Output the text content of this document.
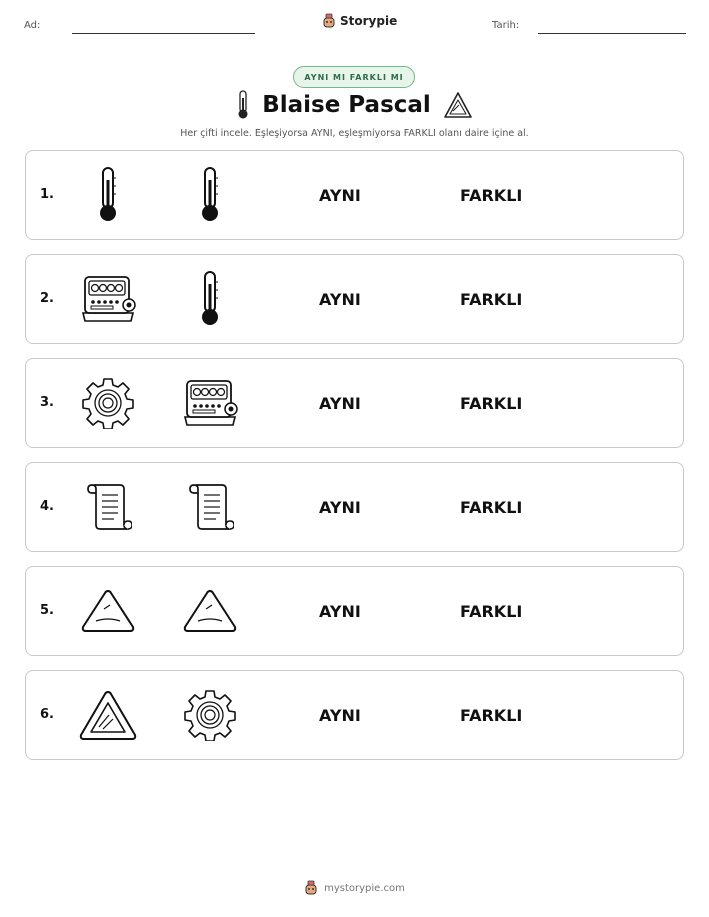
Ad:	Storypie	Tarih:
AYNI MI FARKLI MI
Blaise Pascal
Her çifti incele. Eşleşiyorsa AYNI, eşleşmiyorsa FARKLI olanı daire içine al.
1.	AYNI	FARKLI
2.	AYNI	FARKLI
3.	AYNI	FARKLI
4.	AYNI	FARKLI
5.	AYNI	FARKLI
6.	AYNI	FARKLI
mystorypie.com
